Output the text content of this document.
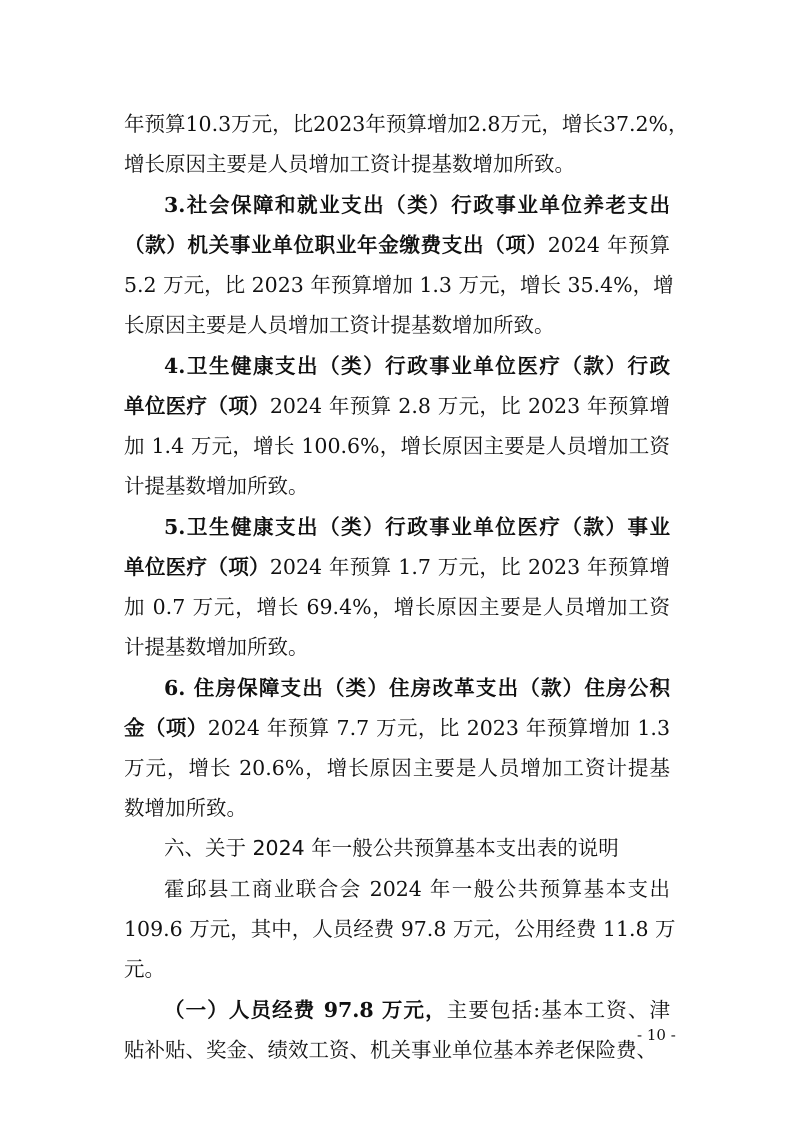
年预算10.3万元，比2023年预算增加2.8万元，增长37.2%，
增长原因主要是人员增加工资计提基数增加所致。
3.社会保障和就业支出（类）行政事业单位养老支出
（款）机关事业单位职业年金缴费支出（项）2024 年预算
5.2 万元，比 2023 年预算增加 1.3 万元，增长 35.4%，增
长原因主要是人员增加工资计提基数增加所致。
4.卫生健康支出（类）行政事业单位医疗（款）行政
单位医疗（项）2024 年预算 2.8 万元，比 2023 年预算增
加 1.4 万元，增长 100.6%，增长原因主要是人员增加工资
计提基数增加所致。
5.卫生健康支出（类）行政事业单位医疗（款）事业
单位医疗（项）2024 年预算 1.7 万元，比 2023 年预算增
加 0.7 万元，增长 69.4%，增长原因主要是人员增加工资
计提基数增加所致。
6. 住房保障支出（类）住房改革支出（款）住房公积
金（项）2024 年预算 7.7 万元，比 2023 年预算增加 1.3
万元，增长 20.6%，增长原因主要是人员增加工资计提基
数增加所致。
六、关于 2024 年一般公共预算基本支出表的说明
霍邱县工商业联合会 2024 年一般公共预算基本支出
109.6 万元，其中，人员经费 97.8 万元，公用经费 11.8 万
元。
（一）人员经费 97.8 万元，主要包括:基本工资、津
贴补贴、奖金、绩效工资、机关事业单位基本养老保险费、
- 10 -
